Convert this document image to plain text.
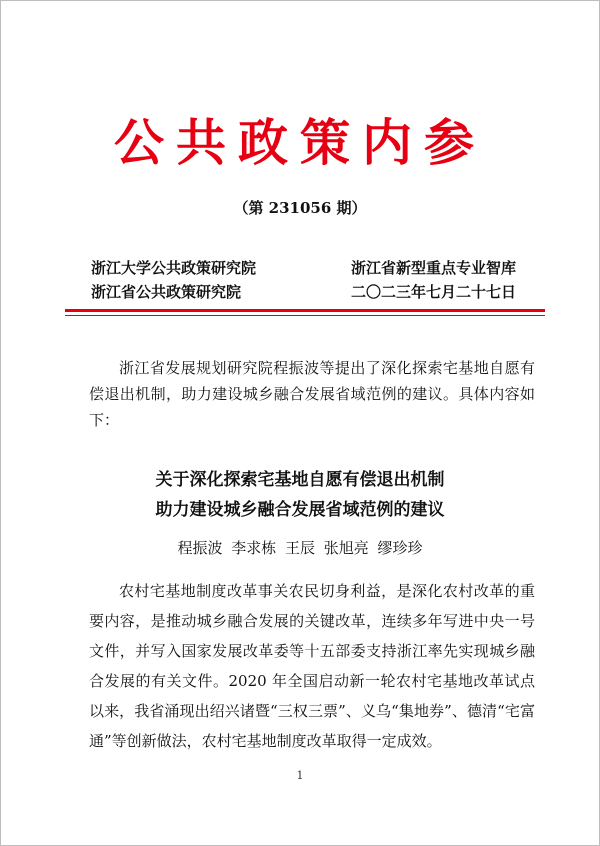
公共政策内参
（第 231056 期）
浙江大学公共政策研究院	浙江省新型重点专业智库
浙江省公共政策研究院	二〇二三年七月二十七日
浙江省发展规划研究院程振波等提出了深化探索宅基地自愿有偿退出机制，助力建设城乡融合发展省域范例的建议。具体内容如下：
关于深化探索宅基地自愿有偿退出机制
助力建设城乡融合发展省域范例的建议
程振波 李求栋 王辰 张旭亮 缪珍珍
农村宅基地制度改革事关农民切身利益，是深化农村改革的重要内容，是推动城乡融合发展的关键改革，连续多年写进中央一号文件，并写入国家发展改革委等十五部委支持浙江率先实现城乡融合发展的有关文件。2020 年全国启动新一轮农村宅基地改革试点以来，我省涌现出绍兴诸暨“三权三票”、义乌“集地券”、德清“宅富通”等创新做法，农村宅基地制度改革取得一定成效。
1
